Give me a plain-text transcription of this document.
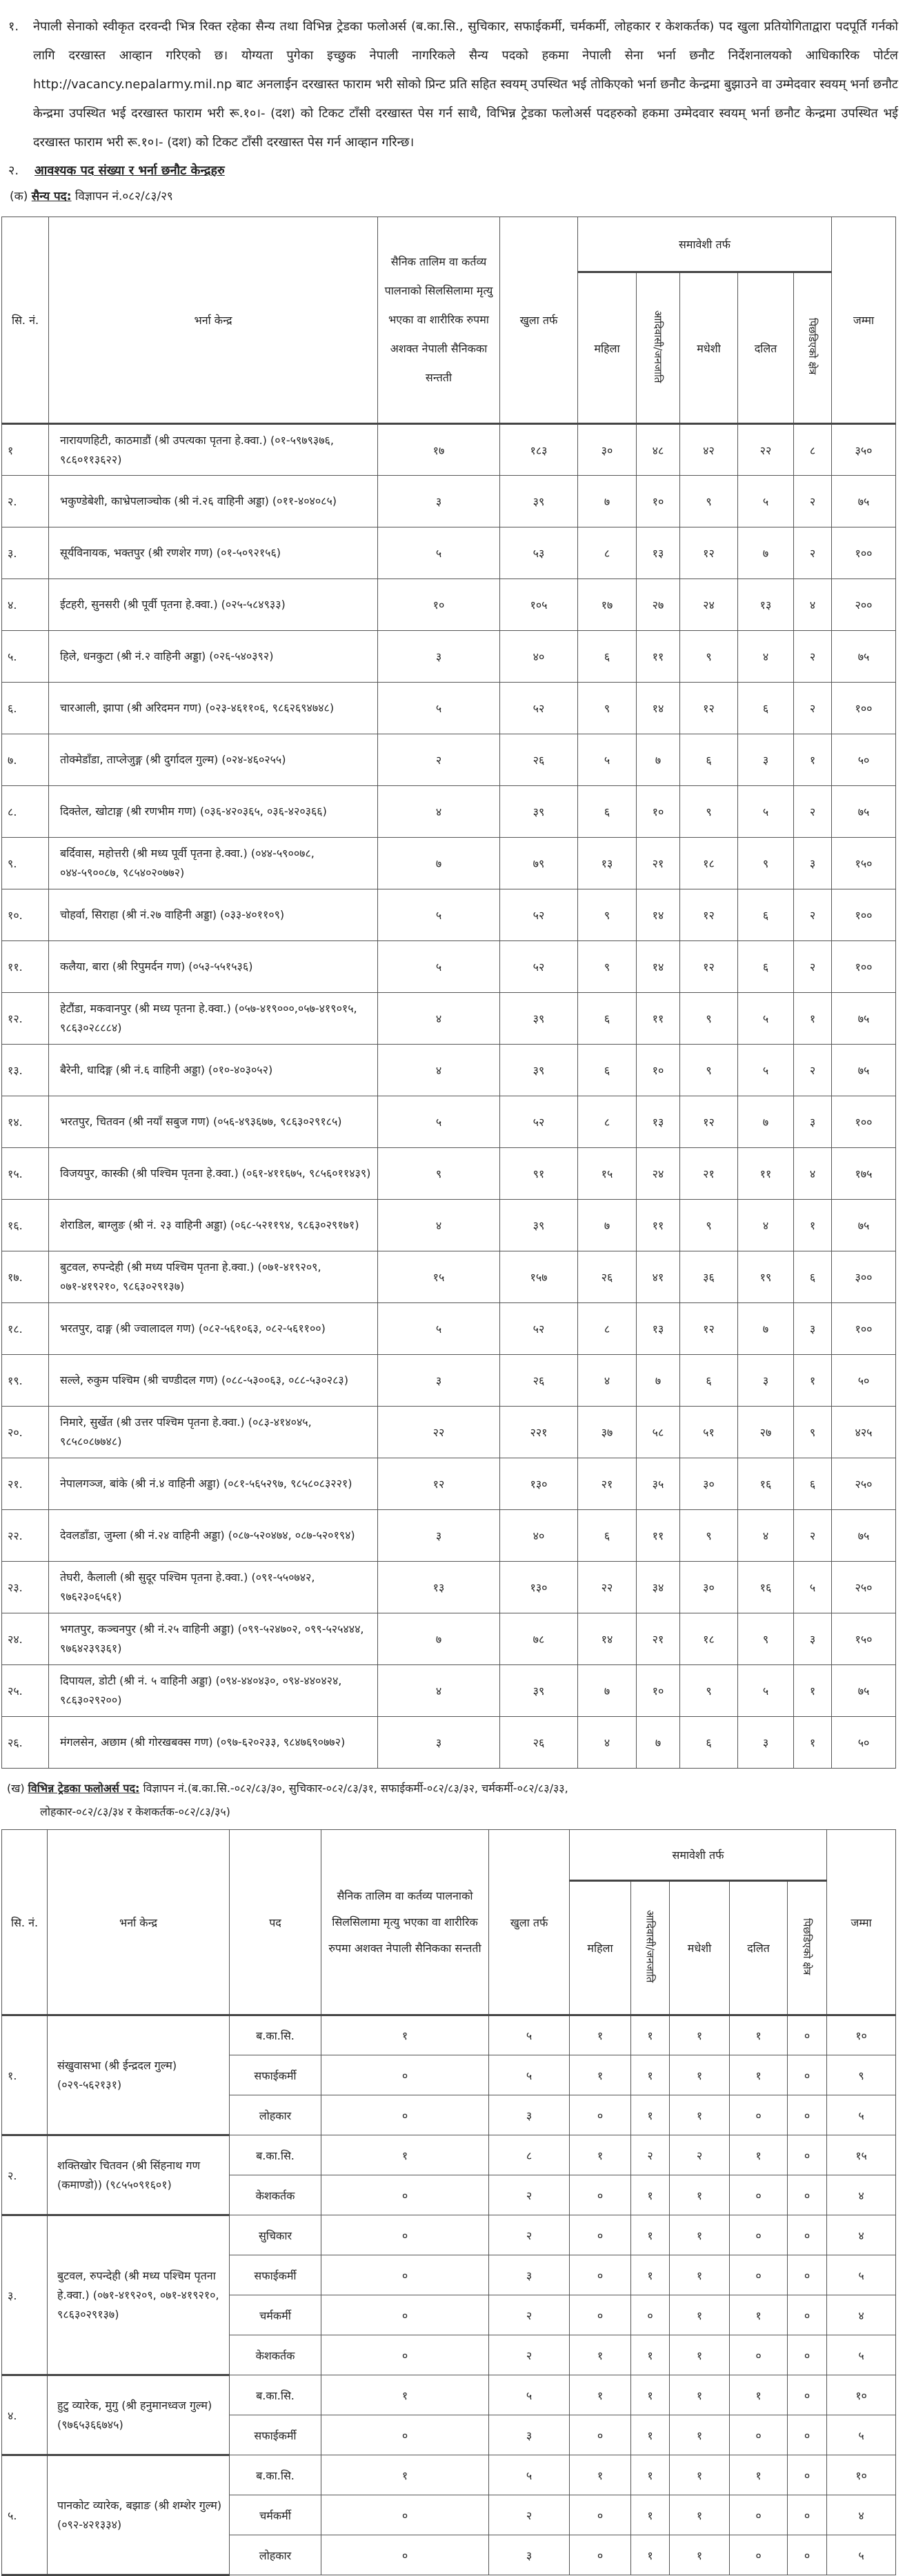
१. नेपाली सेनाको स्वीकृत दरवन्दी भित्र रिक्त रहेका सैन्य तथा विभिन्न ट्रेडका फलोअर्स (ब.का.सि., सुचिकार, सफाईकर्मी, चर्मकर्मी, लोहकार र केशकर्तक) पद खुला प्रतियोगिताद्वारा पदपूर्ति गर्नको लागि दरखास्त आव्हान गरिएको छ। योग्यता पुगेका इच्छुक नेपाली नागरिकले सैन्य पदको हकमा नेपाली सेना भर्ना छनौट निर्देशनालयको आधिकारिक पोर्टल http://vacancy.nepalarmy.mil.np बाट अनलाईन दरखास्त फाराम भरी सोको प्रिन्ट प्रति सहित स्वयम् उपस्थित भई तोकिएको भर्ना छनौट केन्द्रमा बुझाउने वा उम्मेदवार स्वयम् भर्ना छनौट केन्द्रमा उपस्थित भई दरखास्त फाराम भरी रू.१०।- (दश) को टिकट टाँसी दरखास्त पेस गर्न साथै, विभिन्न ट्रेडका फलोअर्स पदहरुको हकमा उम्मेदवार स्वयम् भर्ना छनौट केन्द्रमा उपस्थित भई दरखास्त फाराम भरी रू.१०।- (दश) को टिकट टाँसी दरखास्त पेस गर्न आव्हान गरिन्छ।

२. आवश्यक पद संख्या र भर्ना छनौट केन्द्रहरु
(क) सैन्य पद: विज्ञापन नं.०८२/८३/२९
सि. नं.	भर्ना केन्द्र	सैनिक तालिम वा कर्तव्य पालनाको सिलसिलामा मृत्यु भएका वा शारीरिक रुपमा अशक्त नेपाली सैनिकका सन्तती	खुला तर्फ	समावेशी तर्फ					जम्मा
				महिला	आदिवासी/जनजाति	मधेशी	दलित	पिछडिएको क्षेत्र	
१	नारायणहिटी, काठमाडौं (श्री उपत्यका पृतना हे.क्वा.) (०१-५९७९३७६, ९८६०११३६२२)	१७	१८३	३०	४८	४२	२२	८	३५०
२.	भकुण्डेबेशी, काभ्रेपलाञ्चोक (श्री नं.२६ वाहिनी अड्डा) (०११-४०४०८५)	३	३९	७	१०	९	५	२	७५
३.	सूर्यविनायक, भक्तपुर (श्री रणशेर गण) (०१-५०९२१५६)	५	५३	८	१३	१२	७	२	१००
४.	ईटहरी, सुनसरी (श्री पूर्वी पृतना हे.क्वा.) (०२५-५८४९३३)	१०	१०५	१७	२७	२४	१३	४	२००
५.	हिले, धनकुटा (श्री नं.२ वाहिनी अड्डा) (०२६-५४०३९२)	३	४०	६	११	९	४	२	७५
६.	चारआली, झापा (श्री अरिदमन गण) (०२३-४६११०६, ९८६२६९४७४८)	५	५२	९	१४	१२	६	२	१००
७.	तोक्मेडाँडा, ताप्लेजुङ्ग (श्री दुर्गादल गुल्म) (०२४-४६०२५५)	२	२६	५	७	६	३	१	५०
८.	दिक्तेल, खोटाङ्ग (श्री रणभीम गण) (०३६-४२०३६५, ०३६-४२०३६६)	४	३९	६	१०	९	५	२	७५
९.	बर्दिवास, महोत्तरी (श्री मध्य पूर्वी पृतना हे.क्वा.) (०४४-५९००७८, ०४४-५९००८७, ९८५४०२०७७२)	७	७९	१३	२१	१८	९	३	१५०
१०.	चोहर्वा, सिराहा (श्री नं.२७ वाहिनी अड्डा) (०३३-४०११०९)	५	५२	९	१४	१२	६	२	१००
११.	कलैया, बारा (श्री रिपुमर्दन गण) (०५३-५५१५३६)	५	५२	९	१४	१२	६	२	१००
१२.	हेटौंडा, मकवानपुर (श्री मध्य पृतना हे.क्वा.) (०५७-४१९०००,०५७-४१९०१५, ९८६३०२८८८४)	४	३९	६	११	९	५	१	७५
१३.	बैरेनी, धादिङ्ग (श्री नं.६ वाहिनी अड्डा) (०१०-४०३०५२)	४	३९	६	१०	९	५	२	७५
१४.	भरतपुर, चितवन (श्री नयाँ सबुज गण) (०५६-४९३६७७, ९८६३०२९१८५)	५	५२	८	१३	१२	७	३	१००
१५.	विजयपुर, कास्की (श्री पश्चिम पृतना हे.क्वा.) (०६१-४११६७५, ९८५६०११४३९)	९	९१	१५	२४	२१	११	४	१७५
१६.	शेराडिल, बाग्लुङ (श्री नं. २३ वाहिनी अड्डा) (०६८-५२११९४, ९८६३०२९१७१)	४	३९	७	११	९	४	१	७५
१७.	बुटवल, रुपन्देही (श्री मध्य पश्चिम पृतना हे.क्वा.) (०७१-४१९२०९, ०७१-४१९२१०, ९८६३०२९१३७)	१५	१५७	२६	४१	३६	१९	६	३००
१८.	भरतपुर, दाङ्ग (श्री ज्वालादल गण) (०८२-५६१०६३, ०८२-५६११००)	५	५२	८	१३	१२	७	३	१००
१९.	सल्ले, रुकुम पश्चिम (श्री चण्डीदल गण) (०८८-५३००६३, ०८८-५३०२८३)	३	२६	४	७	६	३	१	५०
२०.	निमारे, सुर्खेत (श्री उत्तर पश्चिम पृतना हे.क्वा.) (०८३-४१४०४५, ९८५८०८७७४८)	२२	२२१	३७	५८	५१	२७	९	४२५
२१.	नेपालगञ्ज, बांके (श्री नं.४ वाहिनी अड्डा) (०८१-५६५२९७, ९८५८०८३२२१)	१२	१३०	२१	३५	३०	१६	६	२५०
२२.	देवलडाँडा, जुम्ला (श्री नं.२४ वाहिनी अड्डा) (०८७-५२०४७४, ०८७-५२०१९४)	३	४०	६	११	९	४	२	७५
२३.	तेघरी, कैलाली (श्री सुदूर पश्चिम पृतना हे.क्वा.) (०९१-५५०७४२, ९७६२३०६५६१)	१३	१३०	२२	३४	३०	१६	५	२५०
२४.	भगतपुर, कञ्चनपुर (श्री नं.२५ वाहिनी अड्डा) (०९९-५२४७०२, ०९९-५२५४४४, ९७६४२३९३६१)	७	७८	१४	२१	१८	९	३	१५०
२५.	दिपायल, डोटी (श्री नं. ५ वाहिनी अड्डा) (०९४-४४०४३०, ०९४-४४०४२४, ९८६३०२९२००)	४	३९	७	१०	९	५	१	७५
२६.	मंगलसेन, अछाम (श्री गोरखबक्स गण) (०९७-६२०२३३, ९८४७६९०७७२)	३	२६	४	७	६	३	१	५०
(ख) विभिन्न ट्रेडका फलोअर्स पद: विज्ञापन नं.(ब.का.सि.-०८२/८३/३०, सुचिकार-०८२/८३/३१, सफाईकर्मी-०८२/८३/३२, चर्मकर्मी-०८२/८३/३३,
लोहकार-०८२/८३/३४ र केशकर्तक-०८२/८३/३५)
सि. नं.	भर्ना केन्द्र	पद	सैनिक तालिम वा कर्तव्य पालनाको सिलसिलामा मृत्यु भएका वा शारीरिक रुपमा अशक्त नेपाली सैनिकका सन्तती	खुला तर्फ	समावेशी तर्फ					जम्मा
					महिला	आदिवासी/जनजाति	मधेशी	दलित	पिछडिएको क्षेत्र	
१.	संखुवासभा (श्री ईन्द्रदल गुल्म) (०२९-५६२१३१)	ब.का.सि.	१	५	१	१	१	१	०	१०
		सफाईकर्मी	०	५	१	१	१	१	०	९
		लोहकार	०	३	०	१	१	०	०	५
२.	शक्तिखोर चितवन (श्री सिंहनाथ गण (कमाण्डो)) (९८५५०९१६०१)	ब.का.सि.	१	८	१	२	२	१	०	१५
		केशकर्तक	०	२	०	१	१	०	०	४
३.	बुटवल, रुपन्देही (श्री मध्य पश्चिम पृतना हे.क्वा.) (०७१-४१९२०९, ०७१-४१९२१०, ९८६३०२९१३७)	सुचिकार	०	२	०	१	१	०	०	४
		सफाईकर्मी	०	३	०	१	१	०	०	५
		चर्मकर्मी	०	२	०	०	१	१	०	४
		केशकर्तक	०	२	१	१	१	०	०	५
४.	हुटु व्यारेक, मुगु (श्री हनुमानध्वज गुल्म) (९७६५३६६७४५)	ब.का.सि.	१	५	१	१	१	१	०	१०
		सफाईकर्मी	०	३	०	१	१	०	०	५
५.	पानकोट व्यारेक, बझाङ (श्री शम्शेर गुल्म) (०९२-४२१३३४)	ब.का.सि.	१	५	१	१	१	१	०	१०
		चर्मकर्मी	०	२	०	१	१	०	०	४
		लोहकार	०	३	०	१	१	०	०	५
